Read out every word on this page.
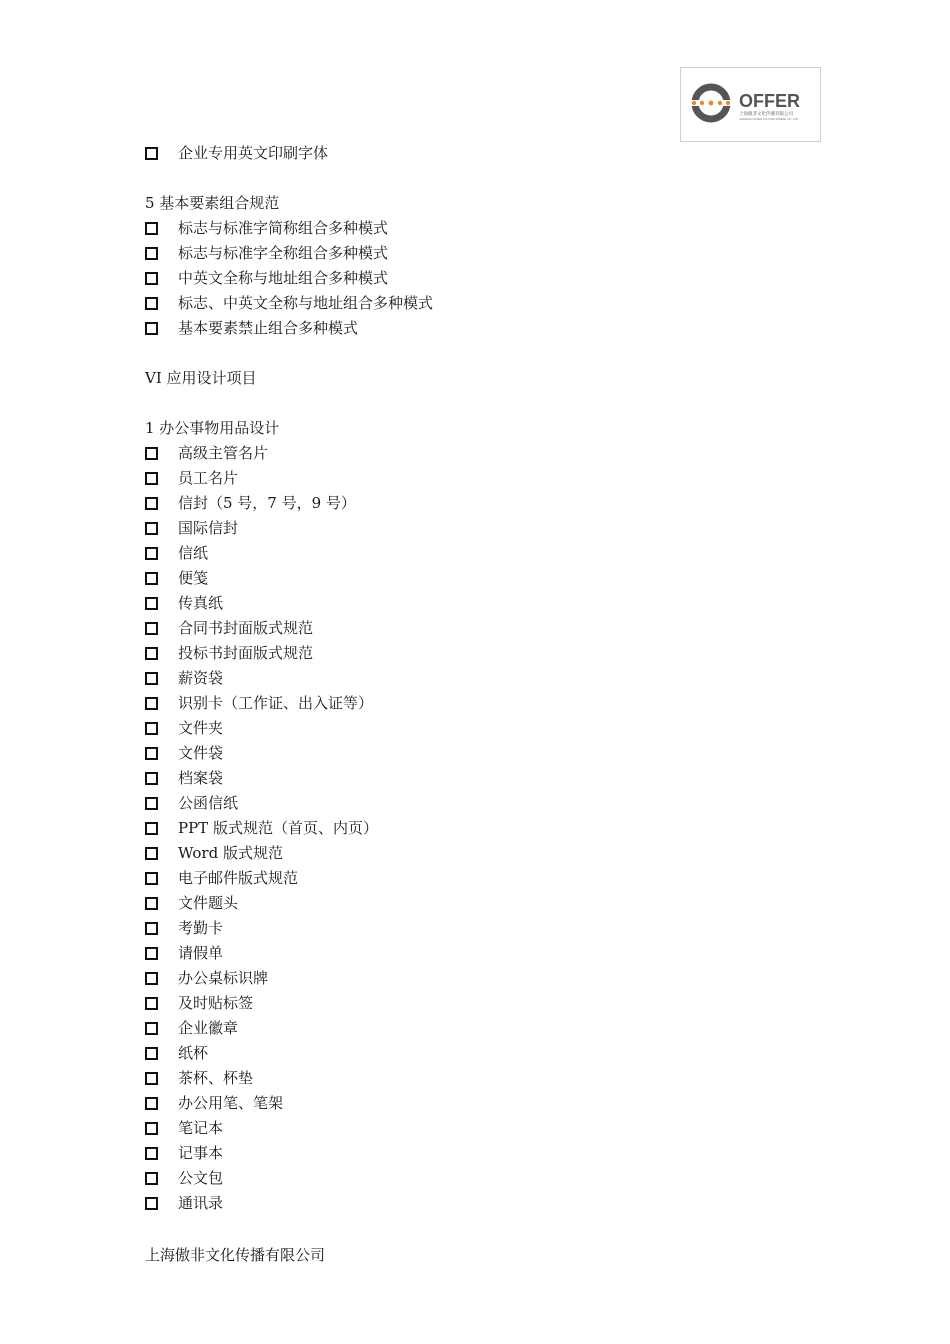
OFFER
上海傲非文化传播有限公司
SHANGHAI OFFER CULTURE SPREAD CO., LTD.
企业专用英文印刷字体
5 基本要素组合规范
标志与标准字简称组合多种模式
标志与标准字全称组合多种模式
中英文全称与地址组合多种模式
标志、中英文全称与地址组合多种模式
基本要素禁止组合多种模式
VI 应用设计项目
1 办公事物用品设计
高级主管名片
员工名片
信封（5 号，7 号，9 号）
国际信封
信纸
便笺
传真纸
合同书封面版式规范
投标书封面版式规范
薪资袋
识别卡（工作证、出入证等）
文件夹
文件袋
档案袋
公函信纸
PPT 版式规范（首页、内页）
Word 版式规范
电子邮件版式规范
文件题头
考勤卡
请假单
办公桌标识牌
及时贴标签
企业徽章
纸杯
茶杯、杯垫
办公用笔、笔架
笔记本
记事本
公文包
通讯录
上海傲非文化传播有限公司
